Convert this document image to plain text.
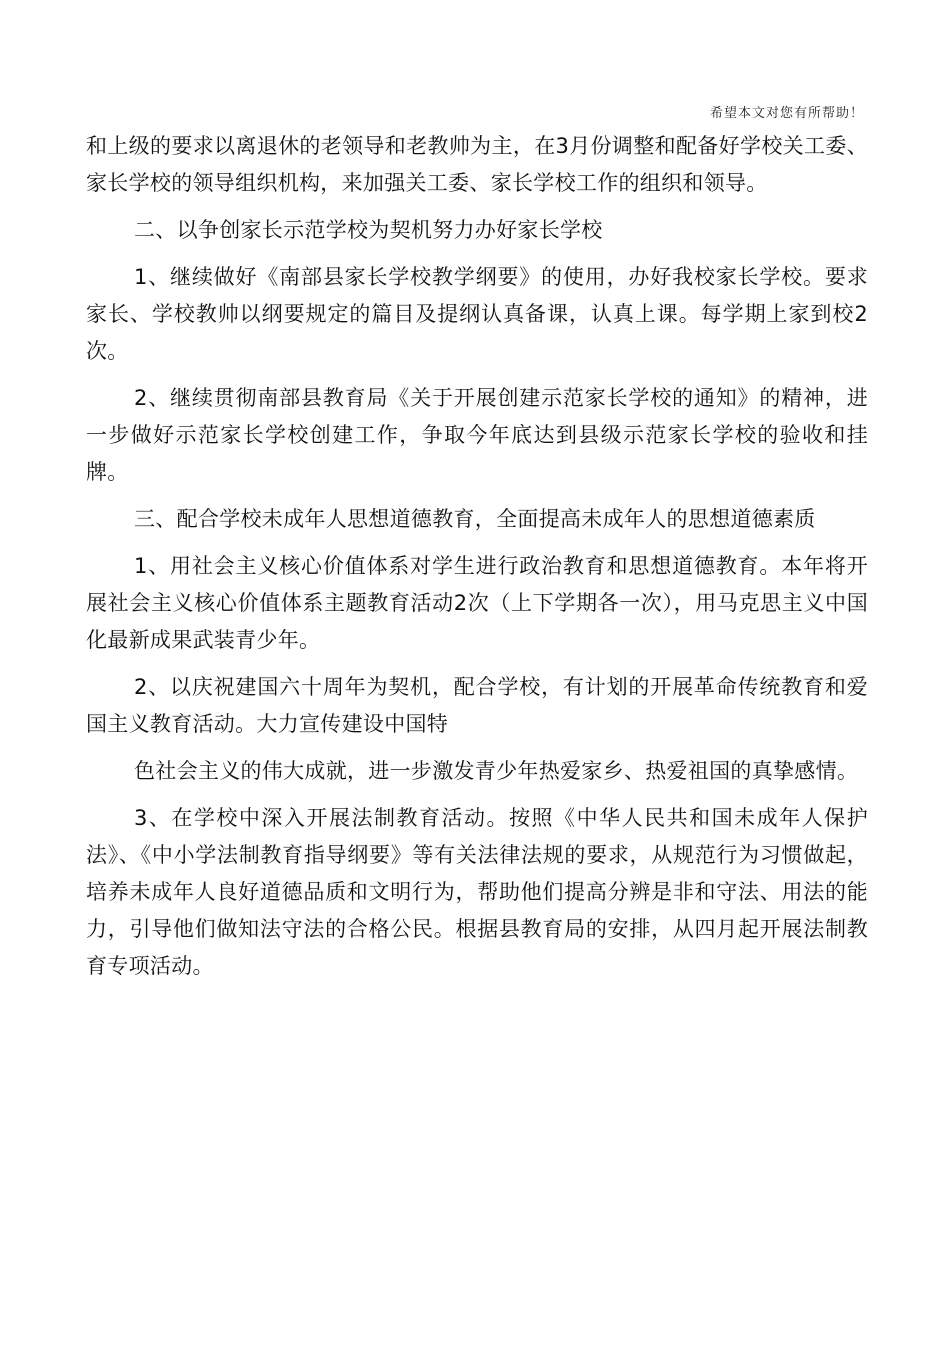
希望本文对您有所帮助！

和上级的要求以离退休的老领导和老教帅为主，在3月份调整和配备好学校关工委、家长学校的领导组织机构，来加强关工委、家长学校工作的组织和领导。

二、以争创家长示范学校为契机努力办好家长学校

1、继续做好《南部县家长学校教学纲要》的使用，办好我校家长学校。要求家长、学校教帅以纲要规定的篇目及提纲认真备课，认真上课。每学期上家到校2次。

2、继续贯彻南部县教育局《关于开展创建示范家长学校的通知》的精神，进一步做好示范家长学校创建工作，争取今年底达到县级示范家长学校的验收和挂牌。

三、配合学校未成年人思想道德教育，全面提高未成年人的思想道德素质

1、用社会主义核心价值体系对学生进行政治教育和思想道德教育。本年将开展社会主义核心价值体系主题教育活动2次（上下学期各一次），用马克思主义中国化最新成果武装青少年。

2、以庆祝建国六十周年为契机，配合学校，有计划的开展革命传统教育和爱国主义教育活动。大力宣传建设中国特

色社会主义的伟大成就，进一步激发青少年热爱家乡、热爱祖国的真挚感情。

3、在学校中深入开展法制教育活动。按照《中华人民共和国未成年人保护法》、《中小学法制教育指导纲要》等有关法律法规的要求，从规范行为习惯做起，培养未成年人良好道德品质和文明行为，帮助他们提高分辨是非和守法、用法的能力，引导他们做知法守法的合格公民。根据县教育局的安排，从四月起开展法制教育专项活动。
